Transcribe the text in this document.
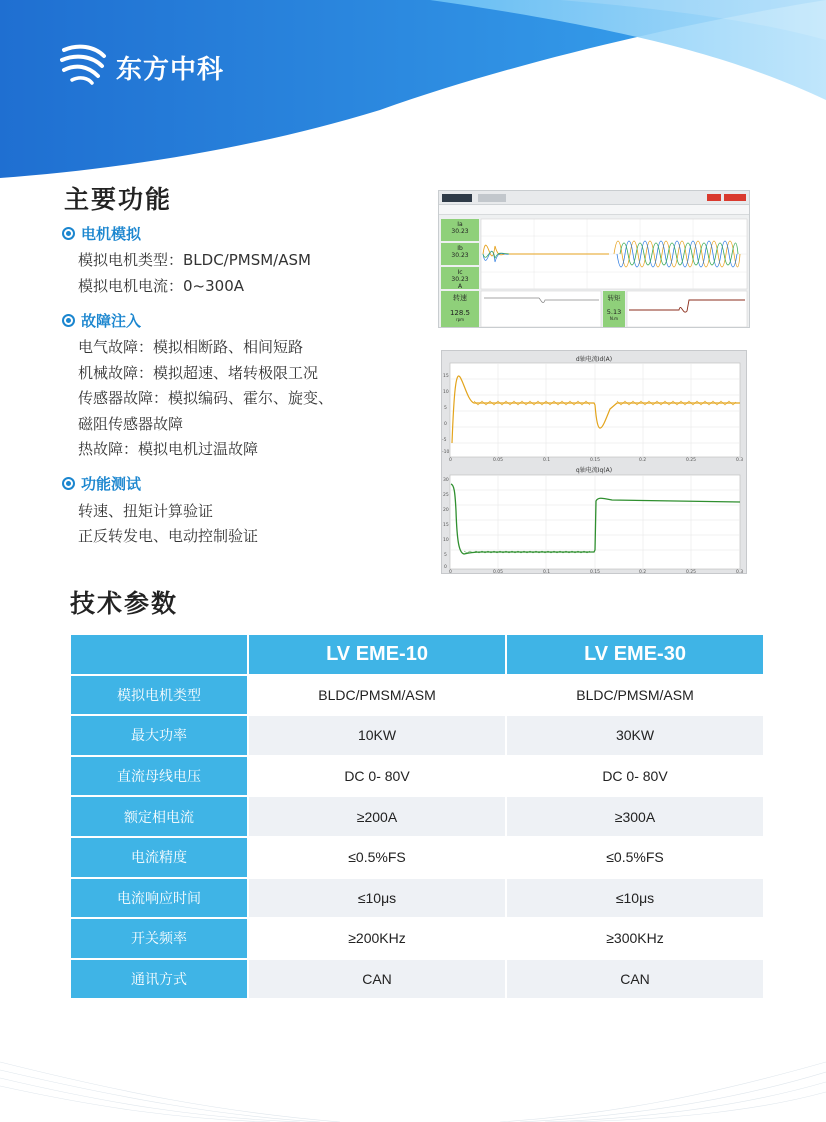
东方中科
主要功能
电机模拟
模拟电机类型：BLDC/PMSM/ASM
模拟电机电流：0~300A
故障注入
电气故障：模拟相断路、相间短路
机械故障：模拟超速、堵转极限工况
传感器故障：模拟编码、霍尔、旋变、
磁阻传感器故障
热故障：模拟电机过温故障
功能测试
转速、扭矩计算验证
正反转发电、电动控制验证
Ia
30.23
Ib
30.23
Ic
30.23
A
转速
128.5
rpm
转矩
5.13
N.m
d轴电流Id(A)
q轴电流Iq(A)
0	0.05	0.1	0.15	0.2	0.25	0.3
15
10
5
0
-5
-10
0	0.05	0.1	0.15	0.2	0.25	0.3
30
25
20
15
10
5
0
技术参数
	LV EME-10	LV EME-30
模拟电机类型	BLDC/PMSM/ASM	BLDC/PMSM/ASM
最大功率	10KW	30KW
直流母线电压	DC 0- 80V	DC 0- 80V
额定相电流	≥200A	≥300A
电流精度	≤0.5%FS	≤0.5%FS
电流响应时间	≤10μs	≤10μs
开关频率	≥200KHz	≥300KHz
通讯方式	CAN	CAN
